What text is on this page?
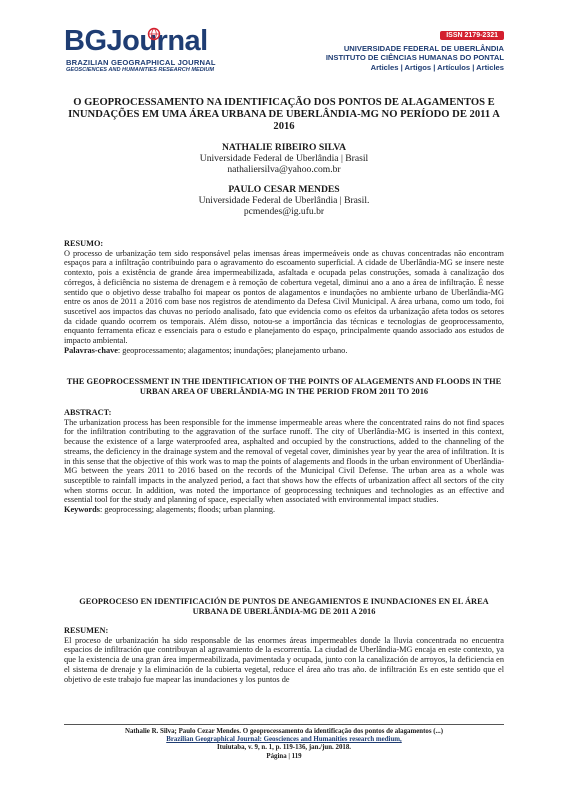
BGJournal
BRAZILIAN GEOGRAPHICAL JOURNAL
GEOSCIENCES AND HUMANITIES RESEARCH MEDIUM
ISSN 2179-2321
UNIVERSIDADE FEDERAL DE UBERLÂNDIA
INSTITUTO DE CIÊNCIAS HUMANAS DO PONTAL
Articles | Artigos | Artículos | Articles
O GEOPROCESSAMENTO NA IDENTIFICAÇÃO DOS PONTOS DE ALAGAMENTOS E INUNDAÇÕES EM UMA ÁREA URBANA DE UBERLÂNDIA-MG NO PERÍODO DE 2011 A 2016
NATHALIE RIBEIRO SILVA
Universidade Federal de Uberlândia | Brasil
nathaliersilva@yahoo.com.br
PAULO CESAR MENDES
Universidade Federal de Uberlândia | Brasil.
pcmendes@ig.ufu.br
RESUMO:
O processo de urbanização tem sido responsável pelas imensas áreas impermeáveis onde as chuvas concentradas não encontram espaços para a infiltração contribuindo para o agravamento do escoamento superficial. A cidade de Uberlândia-MG se insere neste contexto, pois a existência de grande área impermeabilizada, asfaltada e ocupada pelas construções, somada à canalização dos córregos, à deficiência no sistema de drenagem e à remoção de cobertura vegetal, diminui ano a ano a área de infiltração. É nesse sentido que o objetivo desse trabalho foi mapear os pontos de alagamentos e inundações no ambiente urbano de Uberlândia-MG entre os anos de 2011 a 2016 com base nos registros de atendimento da Defesa Civil Municipal. A área urbana, como um todo, foi suscetível aos impactos das chuvas no período analisado, fato que evidencia como os efeitos da urbanização afeta todos os setores da cidade quando ocorrem os temporais. Além disso, notou-se a importância das técnicas e tecnologias de geoprocessamento, enquanto ferramenta eficaz e essenciais para o estudo e planejamento do espaço, principalmente quando associado aos estudos de impacto ambiental.
Palavras-chave: geoprocessamento; alagamentos; inundações; planejamento urbano.
THE GEOPROCESSMENT IN THE IDENTIFICATION OF THE POINTS OF ALAGEMENTS AND FLOODS IN THE URBAN AREA OF UBERLÂNDIA-MG IN THE PERIOD FROM 2011 TO 2016
ABSTRACT:
The urbanization process has been responsible for the immense impermeable areas where the concentrated rains do not find spaces for the infiltration contributing to the aggravation of the surface runoff. The city of Uberlândia-MG is inserted in this context, because the existence of a large waterproofed area, asphalted and occupied by the constructions, added to the channeling of the streams, the deficiency in the drainage system and the removal of vegetal cover, diminishes year by year the area of infiltration. It is in this sense that the objective of this work was to map the points of alagements and floods in the urban environment of Uberlândia-MG between the years 2011 to 2016 based on the records of the Municipal Civil Defense. The urban area as a whole was susceptible to rainfall impacts in the analyzed period, a fact that shows how the effects of urbanization affect all sectors of the city when storms occur. In addition, was noted the importance of geoprocessing techniques and technologies as an effective and essential tool for the study and planning of space, especially when associated with environmental impact studies.
Keywords: geoprocessing; alagements; floods; urban planning.
GEOPROCESO EN IDENTIFICACIÓN DE PUNTOS DE ANEGAMIENTOS E INUNDACIONES EN EL ÁREA URBANA DE UBERLÂNDIA-MG DE 2011 A 2016
RESUMEN:
El proceso de urbanización ha sido responsable de las enormes áreas impermeables donde la lluvia concentrada no encuentra espacios de infiltración que contribuyan al agravamiento de la escorrentía. La ciudad de Uberlândia-MG encaja en este contexto, ya que la existencia de una gran área impermeabilizada, pavimentada y ocupada, junto con la canalización de arroyos, la deficiencia en el sistema de drenaje y la eliminación de la cubierta vegetal, reduce el área año tras año. de infiltración Es en este sentido que el objetivo de este trabajo fue mapear las inundaciones y los puntos de
Nathalie R. Silva; Paulo Cezar Mendes. O geoprocessamento da identificação dos pontos de alagamentos (...)
Brazilian Geographical Journal: Geosciences and Humanities research medium,
Ituiutaba, v. 9, n. 1, p. 119-136, jan./jun. 2018.
Página | 119
